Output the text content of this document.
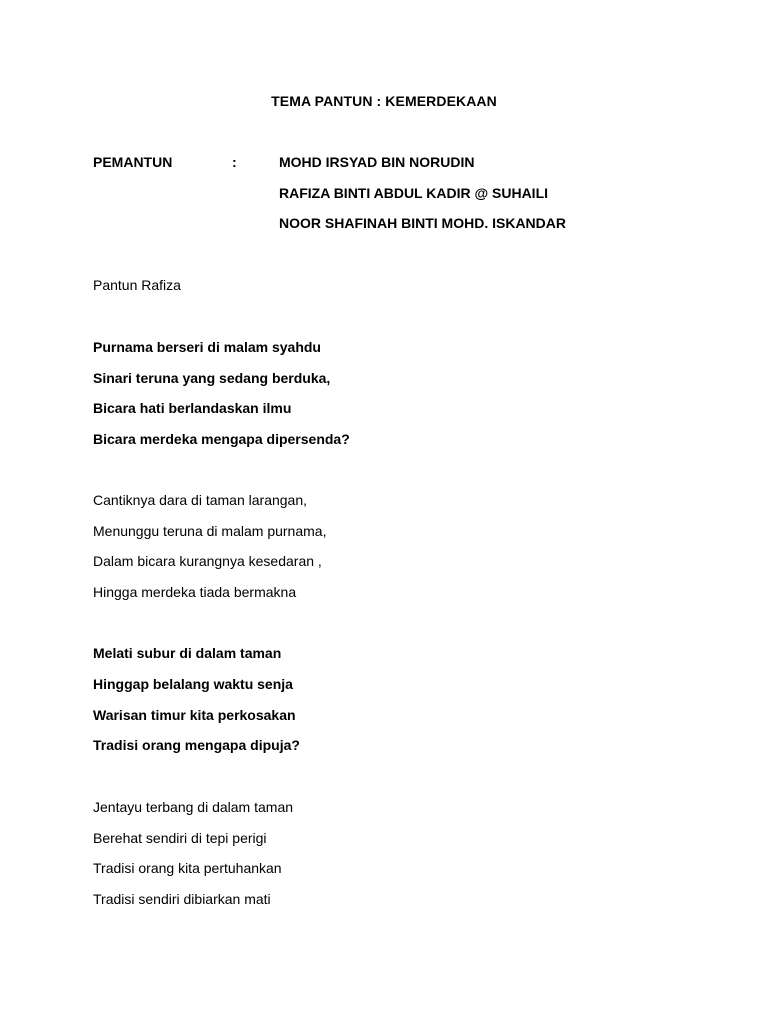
TEMA PANTUN : KEMERDEKAAN
PEMANTUN	:	MOHD IRSYAD BIN NORUDIN
RAFIZA BINTI ABDUL KADIR @ SUHAILI
NOOR SHAFINAH BINTI MOHD. ISKANDAR
Pantun Rafiza
Purnama berseri di malam syahdu
Sinari teruna yang sedang berduka,
Bicara hati berlandaskan ilmu
Bicara merdeka mengapa dipersenda?
Cantiknya dara di taman larangan,
Menunggu teruna di malam purnama,
Dalam bicara kurangnya kesedaran ,
Hingga merdeka tiada bermakna
Melati subur di dalam taman
Hinggap belalang waktu senja
Warisan timur kita perkosakan
Tradisi orang mengapa dipuja?
Jentayu terbang di dalam taman
Berehat sendiri di tepi perigi
Tradisi orang kita pertuhankan
Tradisi sendiri dibiarkan mati
